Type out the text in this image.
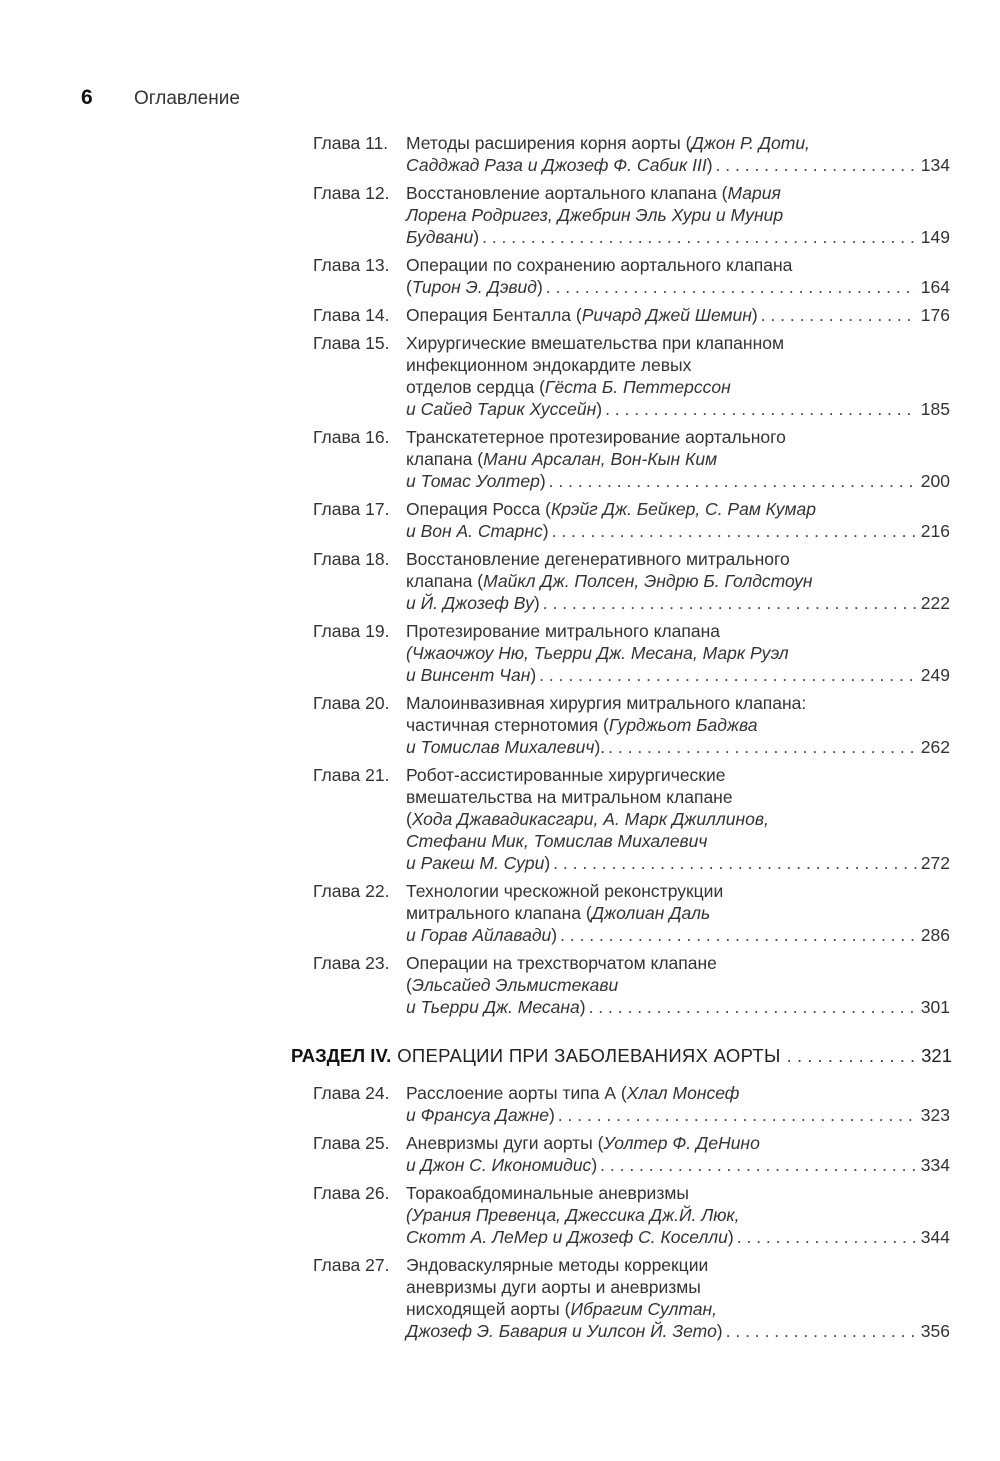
6 Оглавление
Глава 11. Методы расширения корня аорты (Джон Р. Доти,
Садджад Раза и Джозеф Ф. Сабик III) . . .	134
Глава 12. Восстановление аортального клапана (Мария
Лорена Родригез, Джебрин Эль Хури и Мунир
Будвани) . . .	149
Глава 13. Операции по сохранению аортального клапана
(Тирон Э. Дэвид) . . .	164
Глава 14. Операция Бенталла (Ричард Джей Шемин) . . .	176
Глава 15. Хирургические вмешательства при клапанном
инфекционном эндокардите левых
отделов сердца (Гёста Б. Петтерссон
и Сайед Тарик Хуссейн) . . .	185
Глава 16. Транскатетерное протезирование аортального
клапана (Мани Арсалан, Вон-Кын Ким
и Томас Уолтер) . . .	200
Глава 17. Операция Росса (Крэйг Дж. Бейкер, С. Рам Кумар
и Вон А. Старнс) . . .	216
Глава 18. Восстановление дегенеративного митрального
клапана (Майкл Дж. Полсен, Эндрю Б. Голдстоун
и Й. Джозеф Ву) . . .	222
Глава 19. Протезирование митрального клапана
(Чжаочжоу Ню, Тьерри Дж. Месана, Марк Руэл
и Винсент Чан) . . .	249
Глава 20. Малоинвазивная хирургия митрального клапана:
частичная стернотомия (Гурджьот Баджва
и Томислав Михалевич). . . .	262
Глава 21. Робот-ассистированные хирургические
вмешательства на митральном клапане
(Ходa Джавадикасгари, А. Марк Джиллинов,
Стефани Мик, Томислав Михалевич
и Ракеш М. Сури) . . .	272
Глава 22. Технологии чрескожной реконструкции
митрального клапана (Джолиан Даль
и Горав Айлавади) . . .	286
Глава 23. Операции на трехстворчатом клапане
(Эльсайед Эльмистекави
и Тьерри Дж. Месана) . . .	301
РАЗДЕЛ IV. ОПЕРАЦИИ ПРИ ЗАБОЛЕВАНИЯХ АОРТЫ . . .	321
Глава 24. Расслоение аорты типа А (Хлал Монсеф
и Франсуа Дажне) . . .	323
Глава 25. Аневризмы дуги аорты (Уолтер Ф. ДеНино
и Джон С. Икономидис) . . .	334
Глава 26. Торакоабдоминальные аневризмы
(Урания Превенца, Джессика Дж.Й. Люк,
Скотт А. ЛеМер и Джозеф С. Коселли) . . .	344
Глава 27. Эндоваскулярные методы коррекции
аневризмы дуги аорты и аневризмы
нисходящей аорты (Ибрагим Султан,
Джозеф Э. Бавария и Уилсон Й. Зето) . . .	356
